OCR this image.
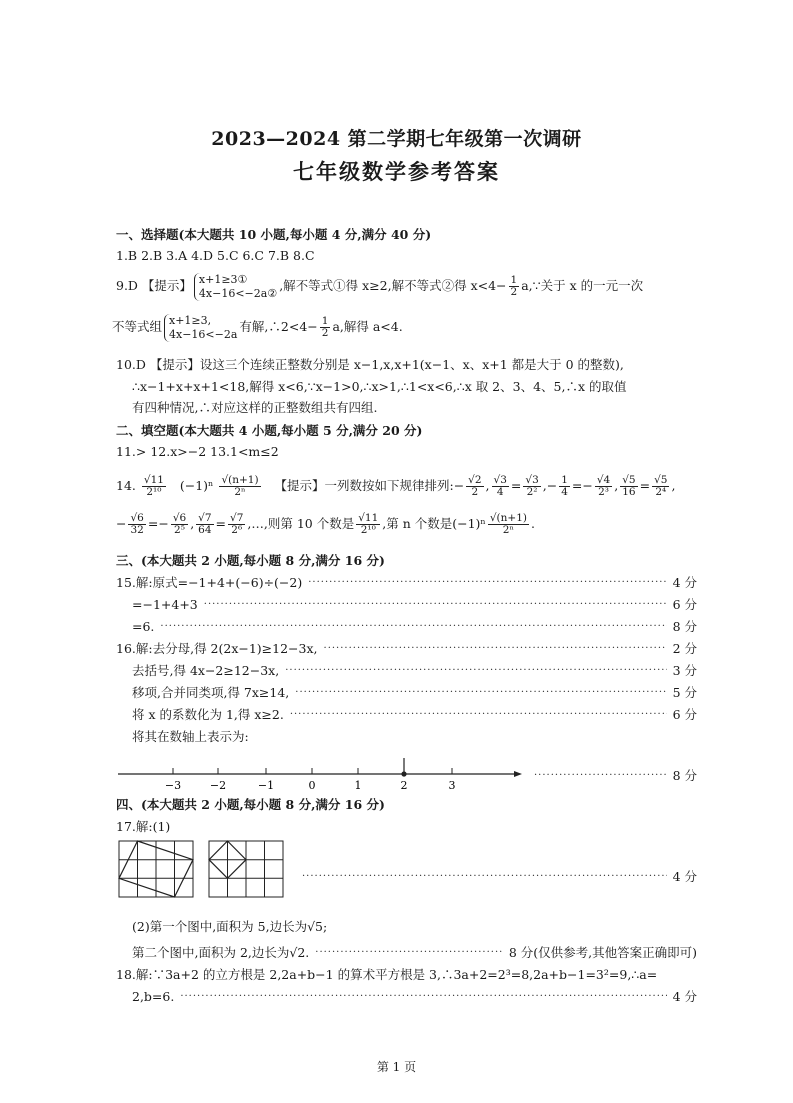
2023—2024 第二学期七年级第一次调研
七年级数学参考答案
一、选择题(本大题共 10 小题,每小题 4 分,满分 40 分)
1.B 2.B 3.A 4.D 5.C 6.C 7.B 8.C
9.D 【提示】 x+1≥3①
4x−16<−2a② ,解不等式①得 x≥2,解不等式②得 $x<4- \frac{1}{2}$ a,∵关于 x 的一元一次
不等式组 x+1≥3,
4x−16<−2a 有解,∴2<4− $\frac{1}{2} a$,解得 a<4.
10.D 【提示】设这三个连续正整数分别是 x−1,x,x+1(x−1、x、x+1 都是大于 0 的整数),
∴x−1+x+x+1<18,解得 x<6,∵x−1>0,∴x>1,∴1<x<6,∴x 取 2、3、4、5,∴x 的取值
有四种情况,∴对应这样的正整数组共有四组.
二、填空题(本大题共 4 小题,每小题 5 分,满分 20 分)
11.> 12.x>−2 13.1<m≤2
14. $\frac{√11}{\text{2¹⁰}} (-1)^n \frac{√(n+1)}{\text{2ⁿ}}$ 【提示】一列数按如下规律排列:− $\frac{√2}{2}$ , $\frac{√3}{4} = \frac{√3}{\text{2²}}$ ,− $\frac{1}{4} =- \frac{√4}{\text{2³}}$ , $\frac{√5}{16} = \frac{√5}{\text{2⁴}}$ ,
− $\frac{√6}{32} =- \frac{√6}{\text{2⁵}}$ , $\frac{√7}{64} = \frac{√7}{\text{2⁶}}$ ,…,则第 10 个数是 $\frac{√11}{\text{2¹⁰}}$ ,第 n 个数是$(-1)^n \frac{√(n+1)}{\text{2ⁿ}}$ .
三、(本大题共 2 小题,每小题 8 分,满分 16 分)
15.解:原式=−1+4+(−6)÷(−2) ·····	4 分
=−1+4+3 ·····	6 分
=6. ·····	8 分
16.解:去分母,得 2(2x−1)≥12−3x, ·····	2 分
去括号,得 4x−2≥12−3x, ·····	3 分
移项,合并同类项,得 7x≥14, ·····	5 分
将 x 的系数化为 1,得 x≥2. ·····	6 分
将其在数轴上表示为:
−3	−2	−1	0	1	2	3
·····
8 分
四、(本大题共 2 小题,每小题 8 分,满分 16 分)
17.解:(1)
·····
4 分
(2)第一个图中,面积为 5,边长为√5;
第二个图中,面积为 2,边长为√2. ·····	8 分(仅供参考,其他答案正确即可)
18.解:∵3a+2 的立方根是 2,2a+b−1 的算术平方根是 3,∴3a+2=2³=8,2a+b−1=3²=9,∴a=
2,b=6. ·····	4 分
第 1 页
